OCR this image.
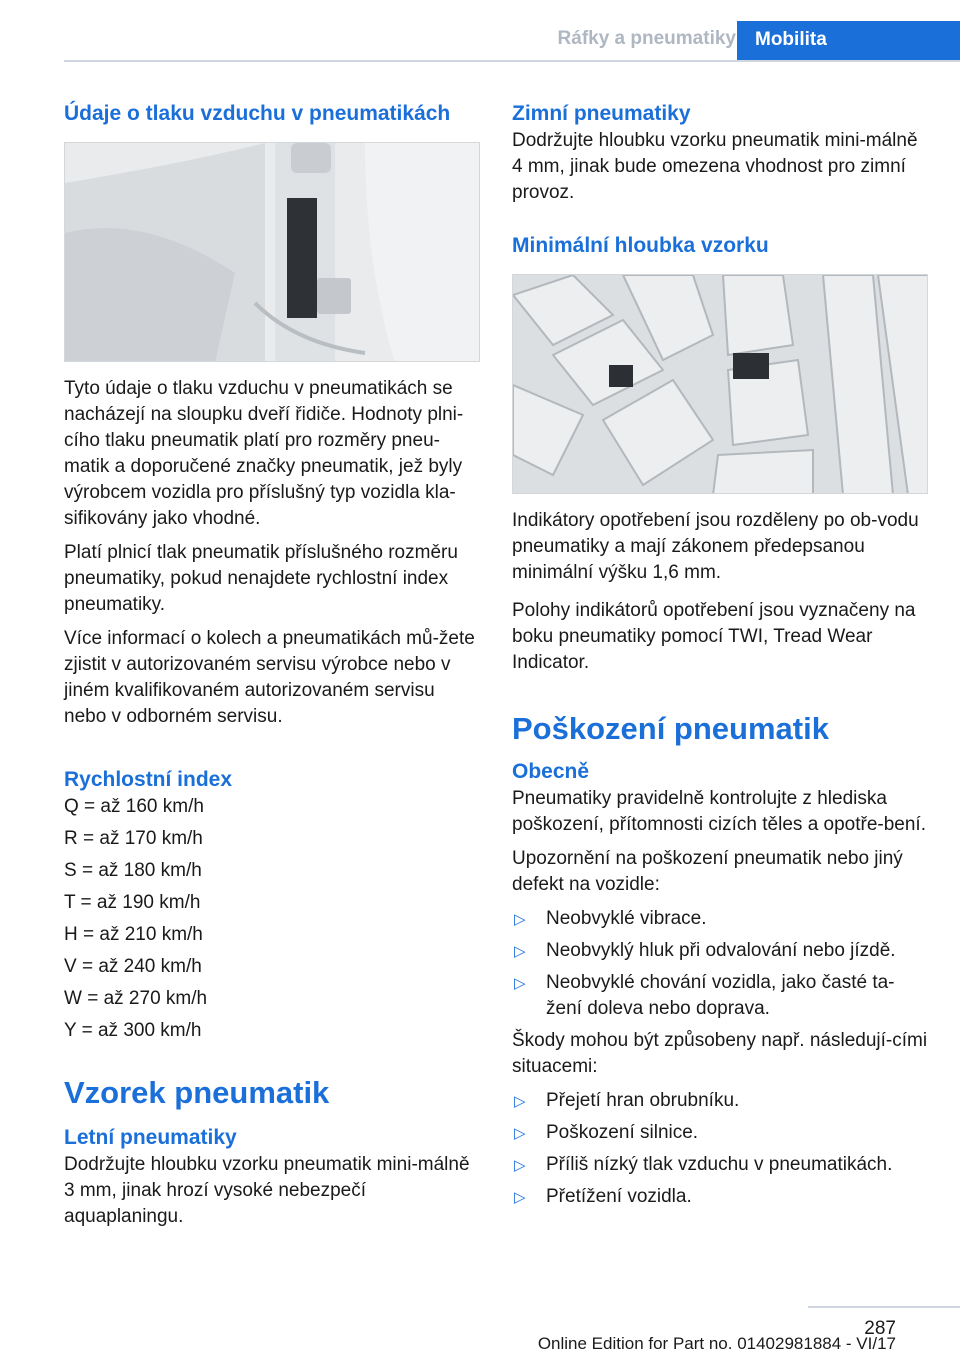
Ráfky a pneumatiky	Mobilita
Údaje o tlaku vzduchu v pneumatikách

Tyto údaje o tlaku vzduchu v pneumatikách se nacházejí na sloupku dveří řidiče. Hodnoty plni-cího tlaku pneumatik platí pro rozměry pneu-matik a doporučené značky pneumatik, jež byly výrobcem vozidla pro příslušný typ vozidla kla-sifikovány jako vhodné.

Platí plnicí tlak pneumatik příslušného rozměru pneumatiky, pokud nenajdete rychlostní index pneumatiky.

Více informací o kolech a pneumatikách mů-žete zjistit v autorizovaném servisu výrobce nebo v jiném kvalifikovaném autorizovaném servisu nebo v odborném servisu.

Rychlostní index
Q = až 160 km/h
R = až 170 km/h
S = až 180 km/h
T = až 190 km/h
H = až 210 km/h
V = až 240 km/h
W = až 270 km/h
Y = až 300 km/h
Vzorek pneumatik
Letní pneumatiky

Dodržujte hloubku vzorku pneumatik mini-málně 3 mm, jinak hrozí vysoké nebezpečí aquaplaningu.

Zimní pneumatiky

Dodržujte hloubku vzorku pneumatik mini-málně 4 mm, jinak bude omezena vhodnost pro zimní provoz.

Minimální hloubka vzorku

Indikátory opotřebení jsou rozděleny po ob-vodu pneumatiky a mají zákonem předepsanou minimální výšku 1,6 mm.

Polohy indikátorů opotřebení jsou vyznačeny na boku pneumatiky pomocí TWI, Tread Wear Indicator.

Poškození pneumatik
Obecně

Pneumatiky pravidelně kontrolujte z hlediska poškození, přítomnosti cizích těles a opotře-bení.

Upozornění na poškození pneumatik nebo jiný defekt na vozidle:

▷ Neobvyklé vibrace.
▷ Neobvyklý hluk při odvalování nebo jízdě.
▷ Neobvyklé chování vozidla, jako časté ta-žení doleva nebo doprava.

Škody mohou být způsobeny např. následují-cími situacemi:

▷ Přejetí hran obrubníku.
▷ Poškození silnice.
▷ Příliš nízký tlak vzduchu v pneumatikách.
▷ Přetížení vozidla.
287
Online Edition for Part no. 01402981884 - VI/17
